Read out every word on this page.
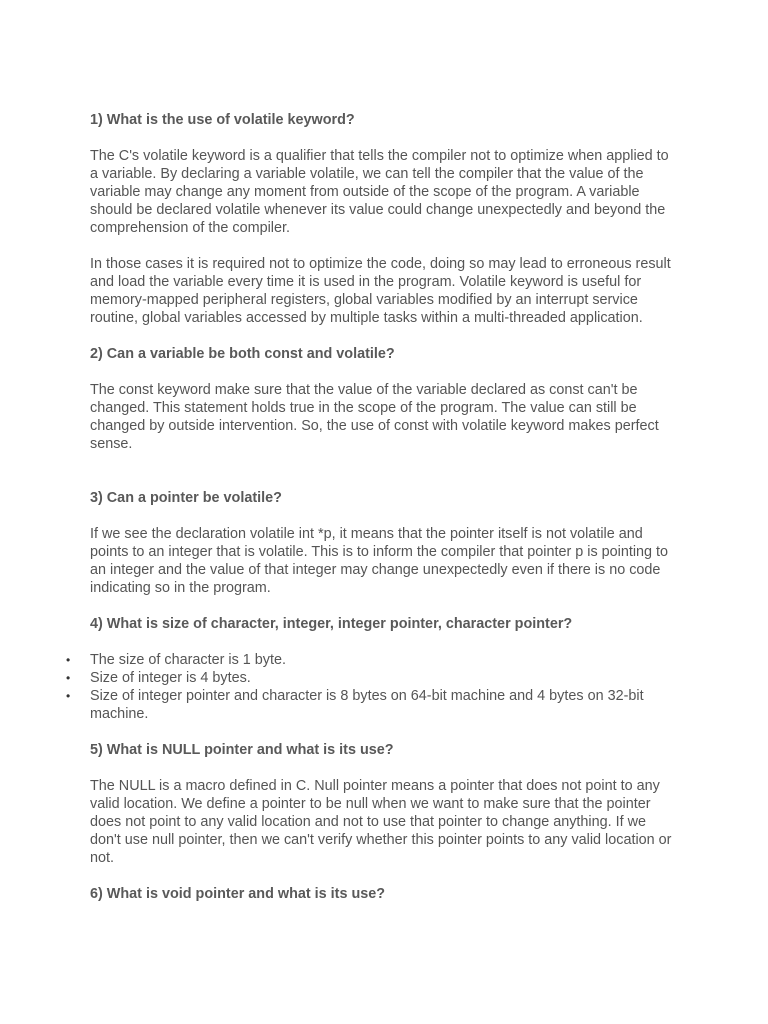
1) What is the use of volatile keyword?

The C's volatile keyword is a qualifier that tells the compiler not to optimize when applied to a variable. By declaring a variable volatile, we can tell the compiler that the value of the variable may change any moment from outside of the scope of the program. A variable should be declared volatile whenever its value could change unexpectedly and beyond the comprehension of the compiler.

In those cases it is required not to optimize the code, doing so may lead to erroneous result and load the variable every time it is used in the program. Volatile keyword is useful for memory-mapped peripheral registers, global variables modified by an interrupt service routine, global variables accessed by multiple tasks within a multi-threaded application.

2) Can a variable be both const and volatile?

The const keyword make sure that the value of the variable declared as const can't be changed. This statement holds true in the scope of the program. The value can still be changed by outside intervention. So, the use of const with volatile keyword makes perfect sense.

3) Can a pointer be volatile?

If we see the declaration volatile int *p, it means that the pointer itself is not volatile and points to an integer that is volatile. This is to inform the compiler that pointer p is pointing to an integer and the value of that integer may change unexpectedly even if there is no code indicating so in the program.

4) What is size of character, integer, integer pointer, character pointer?

• The size of character is 1 byte.
• Size of integer is 4 bytes.
• Size of integer pointer and character is 8 bytes on 64-bit machine and 4 bytes on 32-bit machine.

5) What is NULL pointer and what is its use?

The NULL is a macro defined in C. Null pointer means a pointer that does not point to any valid location. We define a pointer to be null when we want to make sure that the pointer does not point to any valid location and not to use that pointer to change anything. If we don't use null pointer, then we can't verify whether this pointer points to any valid location or not.

6) What is void pointer and what is its use?
